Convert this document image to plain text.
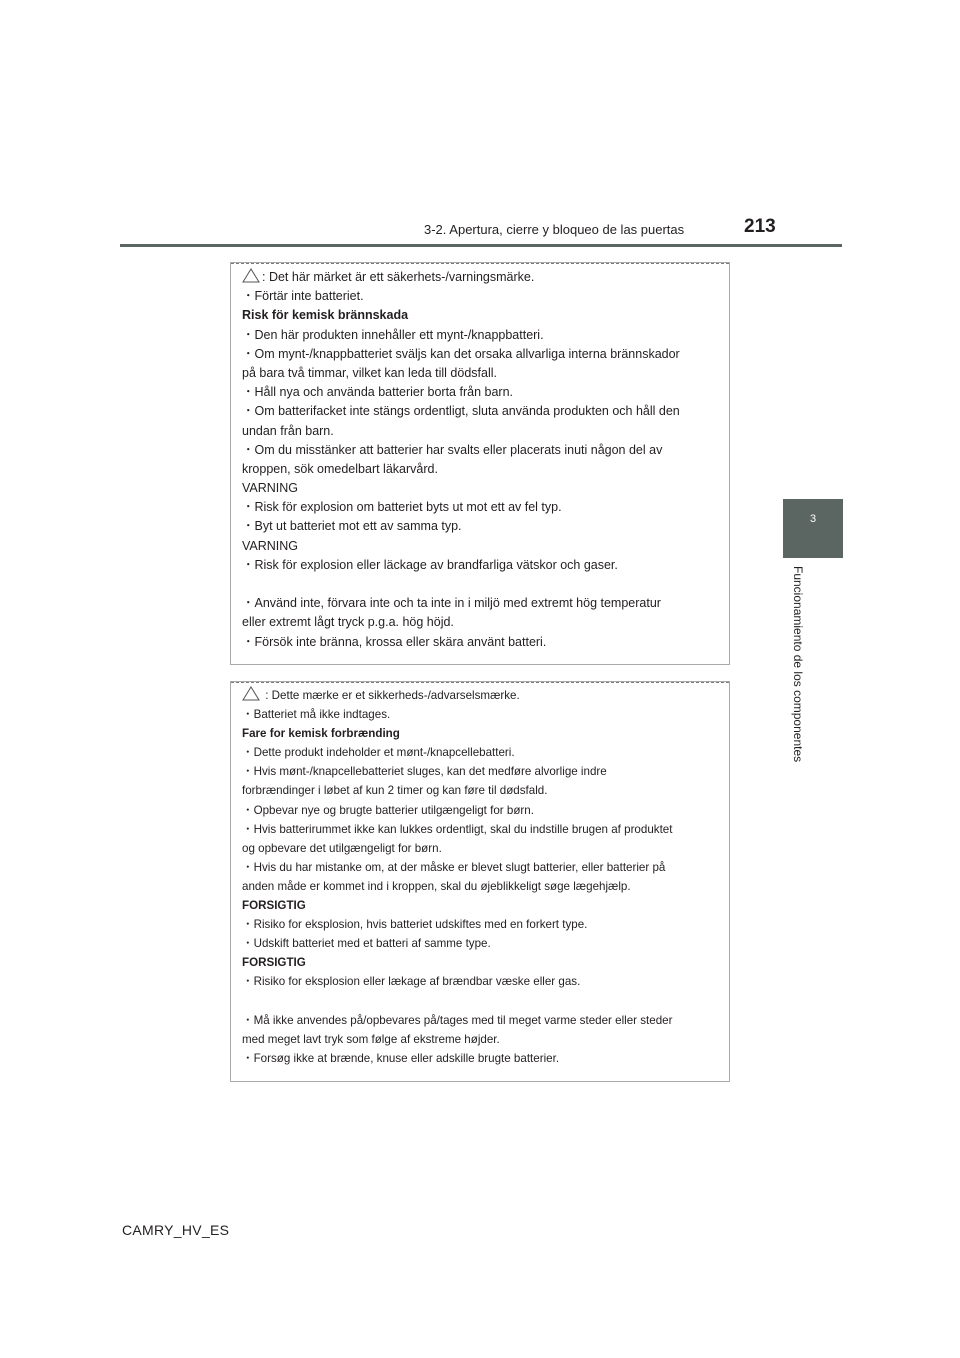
213
3-2. Apertura, cierre y bloqueo de las puertas
3
Funcionamiento de los componentes
: Det här märket är ett säkerhets-/varningsmärke.
・Förtär inte batteriet.
Risk för kemisk brännskada
・Den här produkten innehåller ett mynt-/knappbatteri.
・Om mynt-/knappbatteriet sväljs kan det orsaka allvarliga interna brännskador
på bara två timmar, vilket kan leda till dödsfall.
・Håll nya och använda batterier borta från barn.
・Om batterifacket inte stängs ordentligt, sluta använda produkten och håll den
undan från barn.
・Om du misstänker att batterier har svalts eller placerats inuti någon del av
kroppen, sök omedelbart läkarvård.
VARNING
・Risk för explosion om batteriet byts ut mot ett av fel typ.
・Byt ut batteriet mot ett av samma typ.
VARNING
・Risk för explosion eller läckage av brandfarliga vätskor och gaser.
・Använd inte, förvara inte och ta inte in i miljö med extremt hög temperatur
eller extremt lågt tryck p.g.a. hög höjd.
・Försök inte bränna, krossa eller skära använt batteri.
: Dette mærke er et sikkerheds-/advarselsmærke.
・Batteriet må ikke indtages.
Fare for kemisk forbrænding
・Dette produkt indeholder et mønt-/knapcellebatteri.
・Hvis mønt-/knapcellebatteriet sluges, kan det medføre alvorlige indre
forbrændinger i løbet af kun 2 timer og kan føre til dødsfald.
・Opbevar nye og brugte batterier utilgængeligt for børn.
・Hvis batterirummet ikke kan lukkes ordentligt, skal du indstille brugen af produktet
og opbevare det utilgængeligt for børn.
・Hvis du har mistanke om, at der måske er blevet slugt batterier, eller batterier på
anden måde er kommet ind i kroppen, skal du øjeblikkeligt søge lægehjælp.
FORSIGTIG
・Risiko for eksplosion, hvis batteriet udskiftes med en forkert type.
・Udskift batteriet med et batteri af samme type.
FORSIGTIG
・Risiko for eksplosion eller lækage af brændbar væske eller gas.
・Må ikke anvendes på/opbevares på/tages med til meget varme steder eller steder
med meget lavt tryk som følge af ekstreme højder.
・Forsøg ikke at brænde, knuse eller adskille brugte batterier.
CAMRY_HV_ES
